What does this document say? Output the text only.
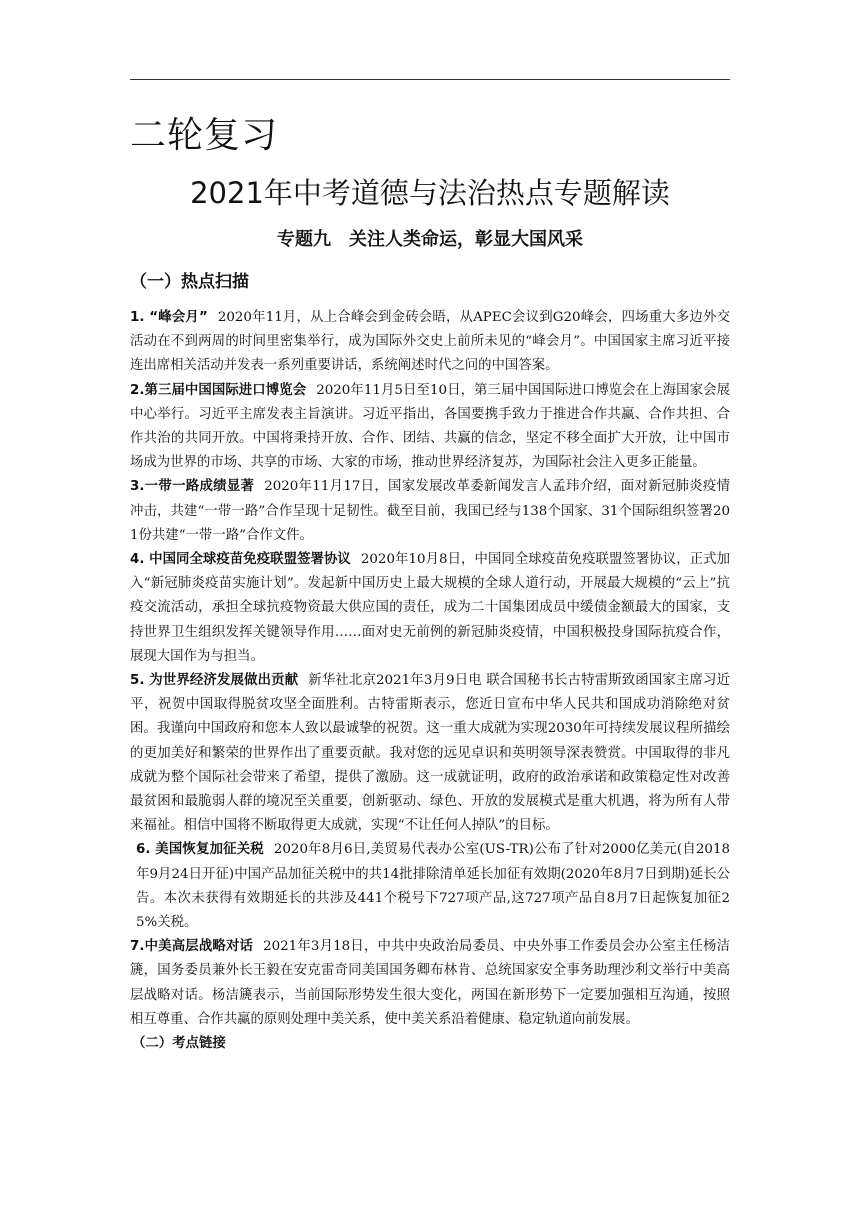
二轮复习
2021年中考道德与法治热点专题解读
专题九　关注人类命运，彰显大国风采
（一）热点扫描

1. “峰会月” 2020年11月，从上合峰会到金砖会晤，从APEC会议到G20峰会，四场重大多边外交活动在不到两周的时间里密集举行，成为国际外交史上前所未见的“峰会月”。中国国家主席习近平接连出席相关活动并发表一系列重要讲话，系统阐述时代之问的中国答案。

2.第三届中国国际进口博览会 2020年11月5日至10日，第三届中国国际进口博览会在上海国家会展中心举行。习近平主席发表主旨演讲。习近平指出，各国要携手致力于推进合作共赢、合作共担、合作共治的共同开放。中国将秉持开放、合作、团结、共赢的信念，坚定不移全面扩大开放，让中国市场成为世界的市场、共享的市场、大家的市场，推动世界经济复苏，为国际社会注入更多正能量。

3.一带一路成绩显著 2020年11月17日，国家发展改革委新闻发言人孟玮介绍，面对新冠肺炎疫情冲击，共建“一带一路”合作呈现十足韧性。截至目前，我国已经与138个国家、31个国际组织签署201份共建“一带一路”合作文件。

4. 中国同全球疫苗免疫联盟签署协议 2020年10月8日，中国同全球疫苗免疫联盟签署协议，正式加入“新冠肺炎疫苗实施计划”。发起新中国历史上最大规模的全球人道行动，开展最大规模的“云上”抗疫交流活动，承担全球抗疫物资最大供应国的责任，成为二十国集团成员中缓债金额最大的国家，支持世界卫生组织发挥关键领导作用……面对史无前例的新冠肺炎疫情，中国积极投身国际抗疫合作，展现大国作为与担当。

5. 为世界经济发展做出贡献 新华社北京2021年3月9日电 联合国秘书长古特雷斯致函国家主席习近平，祝贺中国取得脱贫攻坚全面胜利。古特雷斯表示，您近日宣布中华人民共和国成功消除绝对贫困。我谨向中国政府和您本人致以最诚挚的祝贺。这一重大成就为实现2030年可持续发展议程所描绘的更加美好和繁荣的世界作出了重要贡献。我对您的远见卓识和英明领导深表赞赏。中国取得的非凡成就为整个国际社会带来了希望，提供了激励。这一成就证明，政府的政治承诺和政策稳定性对改善最贫困和最脆弱人群的境况至关重要，创新驱动、绿色、开放的发展模式是重大机遇，将为所有人带来福祉。相信中国将不断取得更大成就，实现“不让任何人掉队”的目标。

6. 美国恢复加征关税 2020年8月6日,美贸易代表办公室(US-TR)公布了针对2000亿美元(自2018年9月24日开征)中国产品加征关税中的共14批排除清单延长加征有效期(2020年8月7日到期)延长公告。本次未获得有效期延长的共涉及441个税号下727项产品,这727项产品自8月7日起恢复加征25%关税。

7.中美高层战略对话 2021年3月18日，中共中央政治局委员、中央外事工作委员会办公室主任杨洁篪，国务委员兼外长王毅在安克雷奇同美国国务卿布林肯、总统国家安全事务助理沙利文举行中美高层战略对话。杨洁篪表示，当前国际形势发生很大变化，两国在新形势下一定要加强相互沟通，按照相互尊重、合作共赢的原则处理中美关系，使中美关系沿着健康、稳定轨道向前发展。

（二）考点链接
